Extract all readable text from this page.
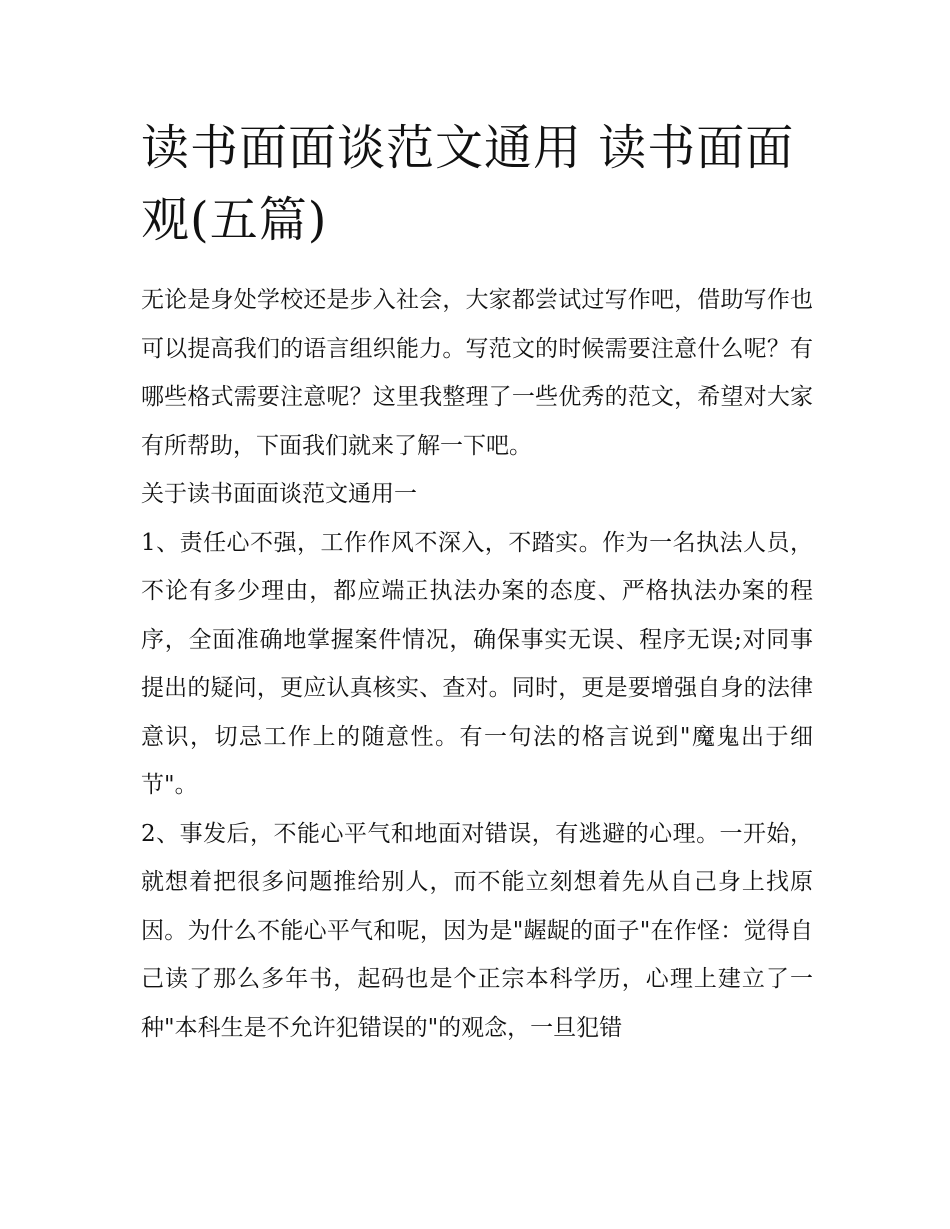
读书面面谈范文通用 读书面面观(五篇)

无论是身处学校还是步入社会，大家都尝试过写作吧，借助写作也可以提高我们的语言组织能力。写范文的时候需要注意什么呢？有哪些格式需要注意呢？这里我整理了一些优秀的范文，希望对大家有所帮助，下面我们就来了解一下吧。

关于读书面面谈范文通用一

1、责任心不强，工作作风不深入，不踏实。作为一名执法人员，不论有多少理由，都应端正执法办案的态度、严格执法办案的程序，全面准确地掌握案件情况，确保事实无误、程序无误;对同事提出的疑问，更应认真核实、查对。同时，更是要增强自身的法律意识，切忌工作上的随意性。有一句法的格言说到"魔鬼出于细节"。

2、事发后，不能心平气和地面对错误，有逃避的心理。一开始，就想着把很多问题推给别人，而不能立刻想着先从自己身上找原因。为什么不能心平气和呢，因为是"龌龊的面子"在作怪：觉得自己读了那么多年书，起码也是个正宗本科学历，心理上建立了一种"本科生是不允许犯错误的"的观念，一旦犯错
